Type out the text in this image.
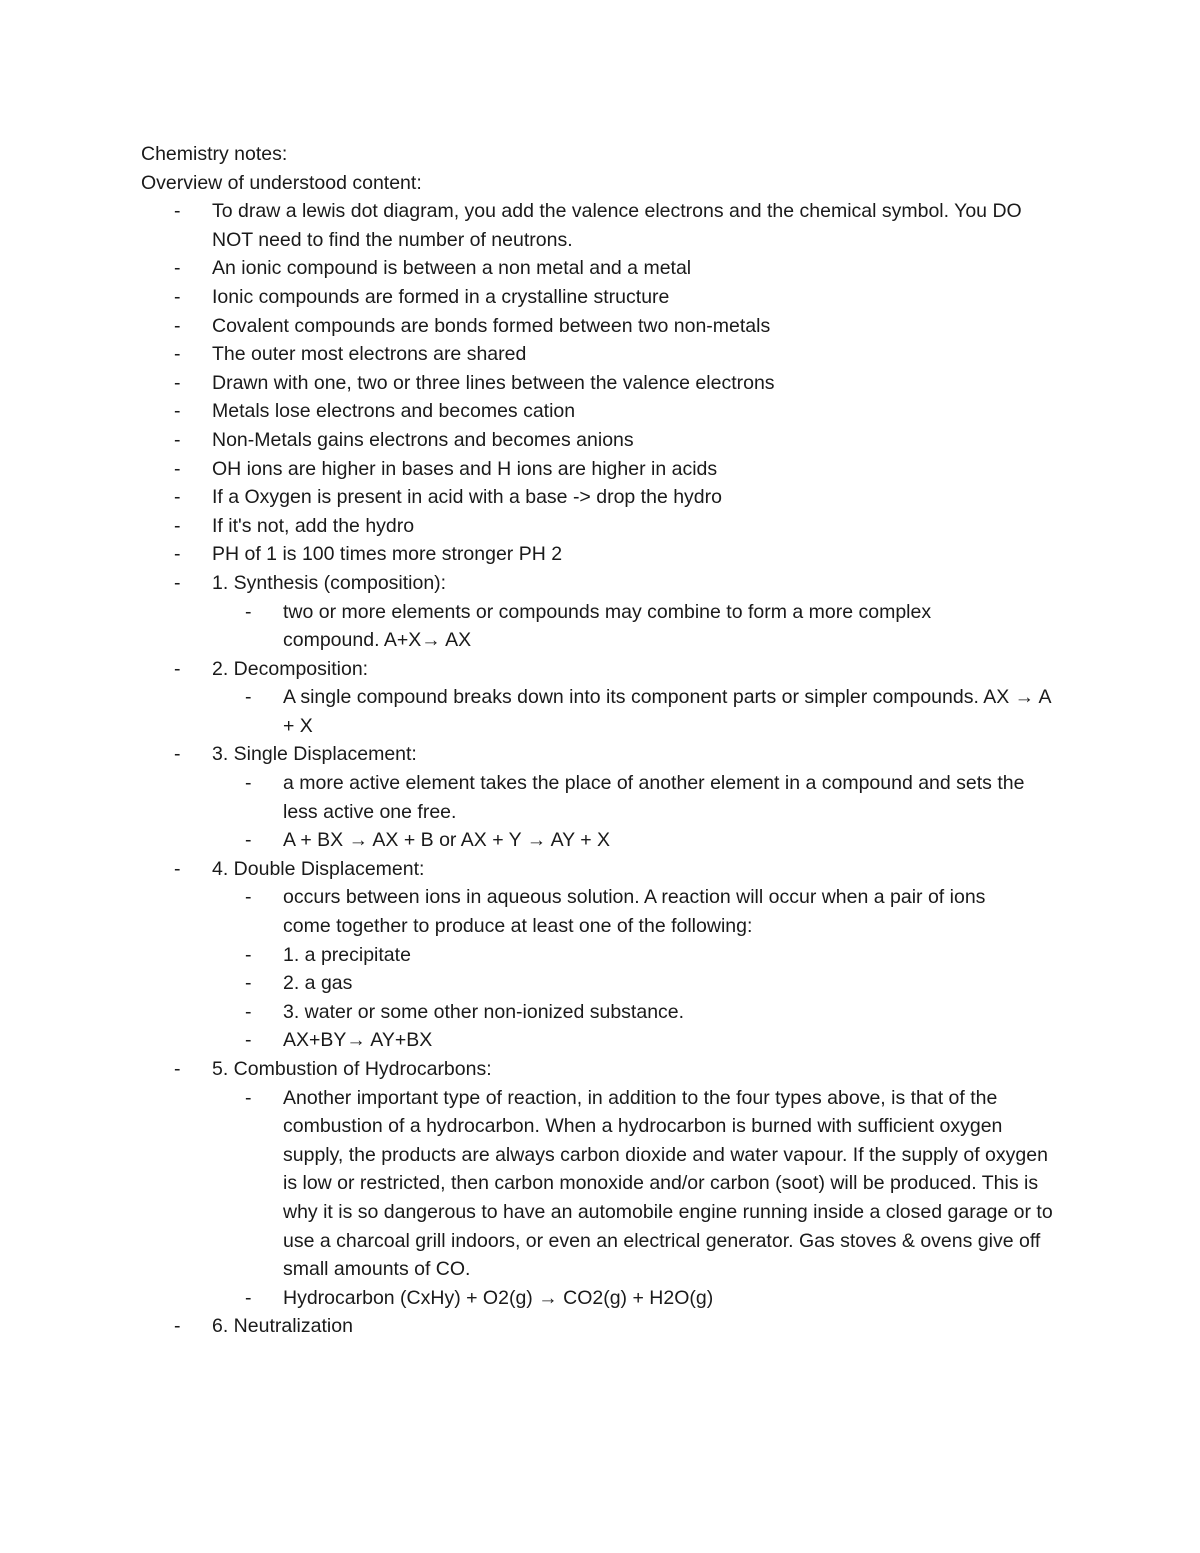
Chemistry notes:
Overview of understood content:
- To draw a lewis dot diagram, you add the valence electrons and the chemical symbol. You DO NOT need to find the number of neutrons.
- An ionic compound is between a non metal and a metal
- Ionic compounds are formed in a crystalline structure
- Covalent compounds are bonds formed between two non-metals
- The outer most electrons are shared
- Drawn with one, two or three lines between the valence electrons
- Metals lose electrons and becomes cation
- Non-Metals gains electrons and becomes anions
- OH ions are higher in bases and H ions are higher in acids
- If a Oxygen is present in acid with a base -> drop the hydro
- If it's not, add the hydro
- PH of 1 is 100 times more stronger PH 2
- 1. Synthesis (composition):
- two or more elements or compounds may combine to form a more complex compound. A+X→ AX
- 2. Decomposition:
- A single compound breaks down into its component parts or simpler compounds. AX → A + X
- 3. Single Displacement:
- a more active element takes the place of another element in a compound and sets the less active one free.
- A + BX → AX + B or AX + Y → AY + X
- 4. Double Displacement:
- occurs between ions in aqueous solution. A reaction will occur when a pair of ions come together to produce at least one of the following:
- 1. a precipitate
- 2. a gas
- 3. water or some other non-ionized substance.
- AX+BY→ AY+BX
- 5. Combustion of Hydrocarbons:
- Another important type of reaction, in addition to the four types above, is that of the combustion of a hydrocarbon. When a hydrocarbon is burned with sufficient oxygen supply, the products are always carbon dioxide and water vapour. If the supply of oxygen is low or restricted, then carbon monoxide and/or carbon (soot) will be produced. This is why it is so dangerous to have an automobile engine running inside a closed garage or to use a charcoal grill indoors, or even an electrical generator. Gas stoves & ovens give off small amounts of CO.
- Hydrocarbon (CxHy) + O2(g) → CO2(g) + H2O(g)
- 6. Neutralization
